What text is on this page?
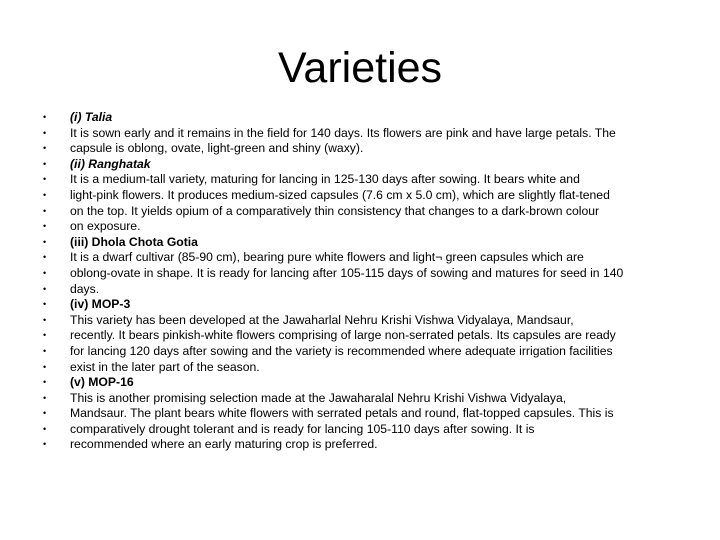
Varieties
• (i) Talia
• It is sown early and it remains in the field for 140 days. Its flowers are pink and have large petals. The
• capsule is oblong, ovate, light-green and shiny (waxy).
• (ii) Ranghatak
• It is a medium-tall variety, maturing for lancing in 125-130 days after sowing. It bears white and
• light-pink flowers. It produces medium-sized capsules (7.6 cm x 5.0 cm), which are slightly flat-tened
• on the top. It yields opium of a comparatively thin consistency that changes to a dark-brown colour
• on exposure.
• (iii) Dhola Chota Gotia
• It is a dwarf cultivar (85-90 cm), bearing pure white flowers and light¬ green capsules which are
• oblong-ovate in shape. It is ready for lancing after 105-115 days of sowing and matures for seed in 140
• days.
• (iv) MOP-3
• This variety has been developed at the Jawaharlal Nehru Krishi Vishwa Vidyalaya, Mandsaur,
• recently. It bears pinkish-white flowers comprising of large non-serrated petals. Its capsules are ready
• for lancing 120 days after sowing and the variety is recommended where adequate irrigation facilities
• exist in the later part of the season.
• (v) MOP-16
• This is another promising selection made at the Jawaharalal Nehru Krishi Vishwa Vidyalaya,
• Mandsaur. The plant bears white flowers with serrated petals and round, flat-topped capsules. This is
• comparatively drought tolerant and is ready for lancing 105-110 days after sowing. It is
• recommended where an early maturing crop is preferred.
